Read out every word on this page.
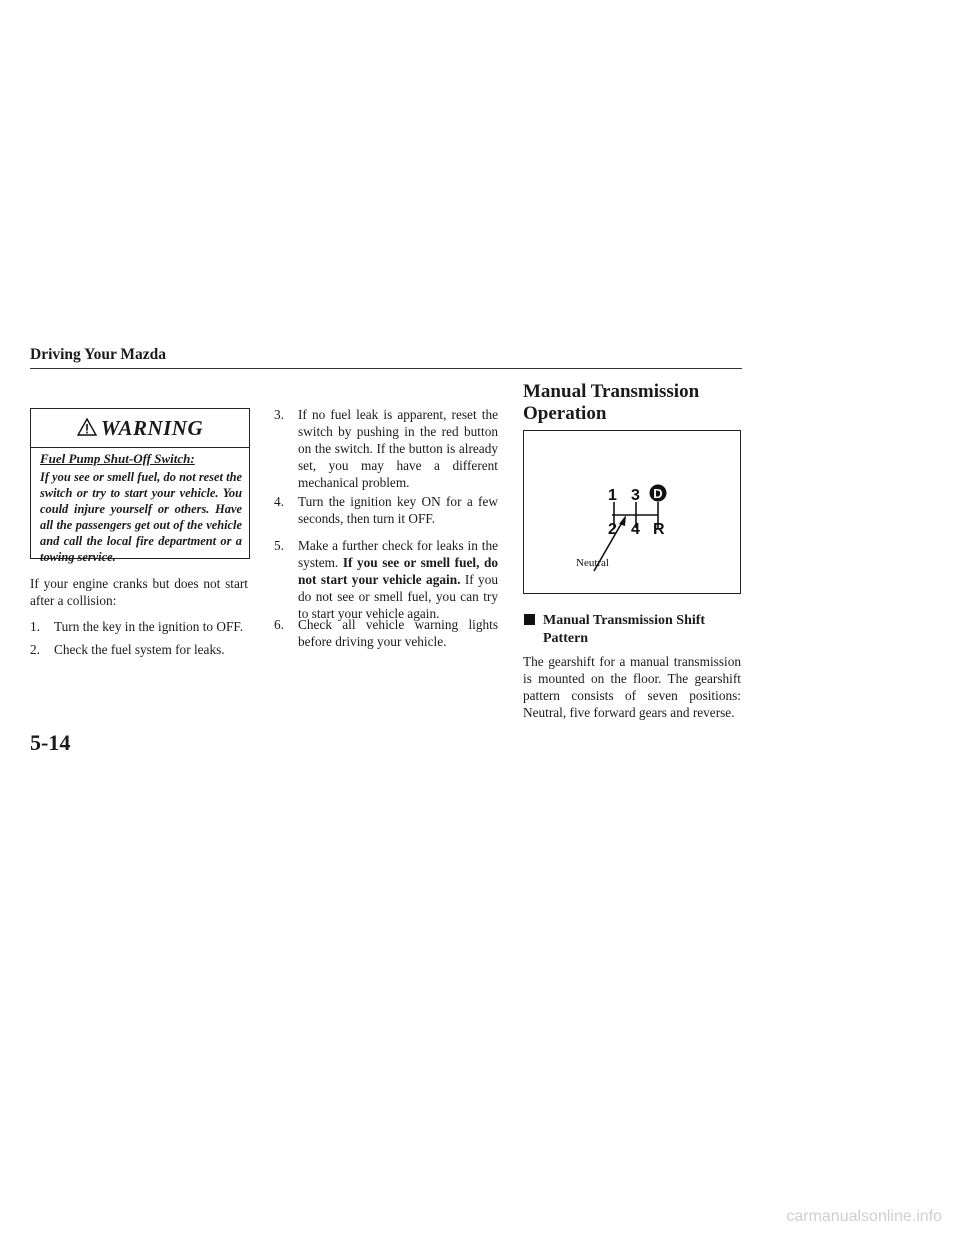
Driving Your Mazda
WARNING
Fuel Pump Shut-Off Switch:
If you see or smell fuel, do not reset the switch or try to start your vehicle. You could injure yourself or others. Have all the passengers get out of the vehicle and call the local fire department or a towing service.
If your engine cranks but does not start after a collision:
1. Turn the key in the ignition to OFF.
2. Check the fuel system for leaks.
3. If no fuel leak is apparent, reset the switch by pushing in the red button on the switch. If the button is already set, you may have a different mechanical problem.
4. Turn the ignition key ON for a few seconds, then turn it OFF.
5. Make a further check for leaks in the system. If you see or smell fuel, do not start your vehicle again. If you do not see or smell fuel, you can try to start your vehicle again.
6. Check all vehicle warning lights before driving your vehicle.
Manual Transmission
Operation
1 3
2 4 R
D
Neutral
Manual Transmission Shift Pattern
The gearshift for a manual transmission is mounted on the floor. The gearshift pattern consists of seven positions: Neutral, five forward gears and reverse.
5-14
carmanualsonline.info
